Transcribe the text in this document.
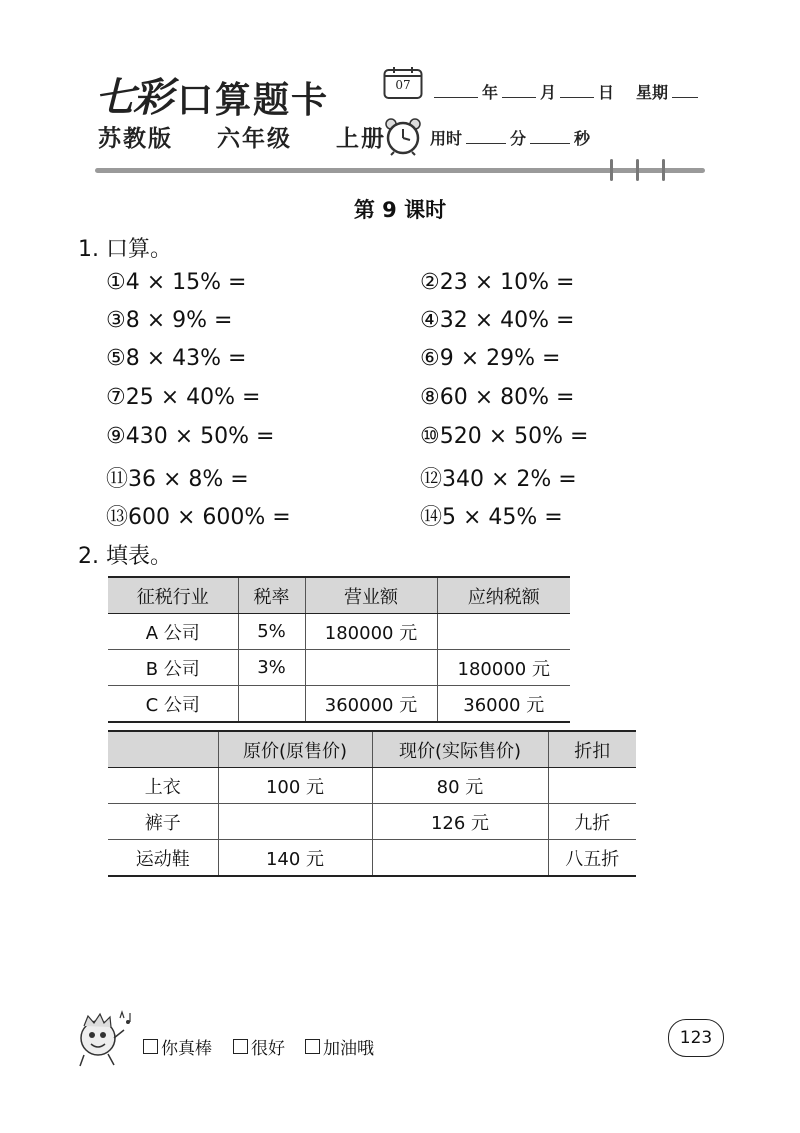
七彩 口算题卡
苏教版  六年级  上册
07	年	月	日 星期
用时	分	秒
第 9 课时
1. 口算。
①4 × 15% =
③8 × 9% =
⑤8 × 43% =
⑦25 × 40% =
⑨430 × 50% =
⑪36 × 8% =
⑬600 × 600% =
②23 × 10% =
④32 × 40% =
⑥9 × 29% =
⑧60 × 80% =
⑩520 × 50% =
⑫340 × 2% =
⑭5 × 45% =
2. 填表。
征税行业	税率	营业额	应纳税额
A 公司	5%	180000 元	
B 公司	3%		180000 元
C 公司		360000 元	36000 元
	原价(原售价)	现价(实际售价)	折扣
上衣	100 元	80 元	
裤子		126 元	九折
运动鞋	140 元		八五折
你真棒 很好 加油哦
123
